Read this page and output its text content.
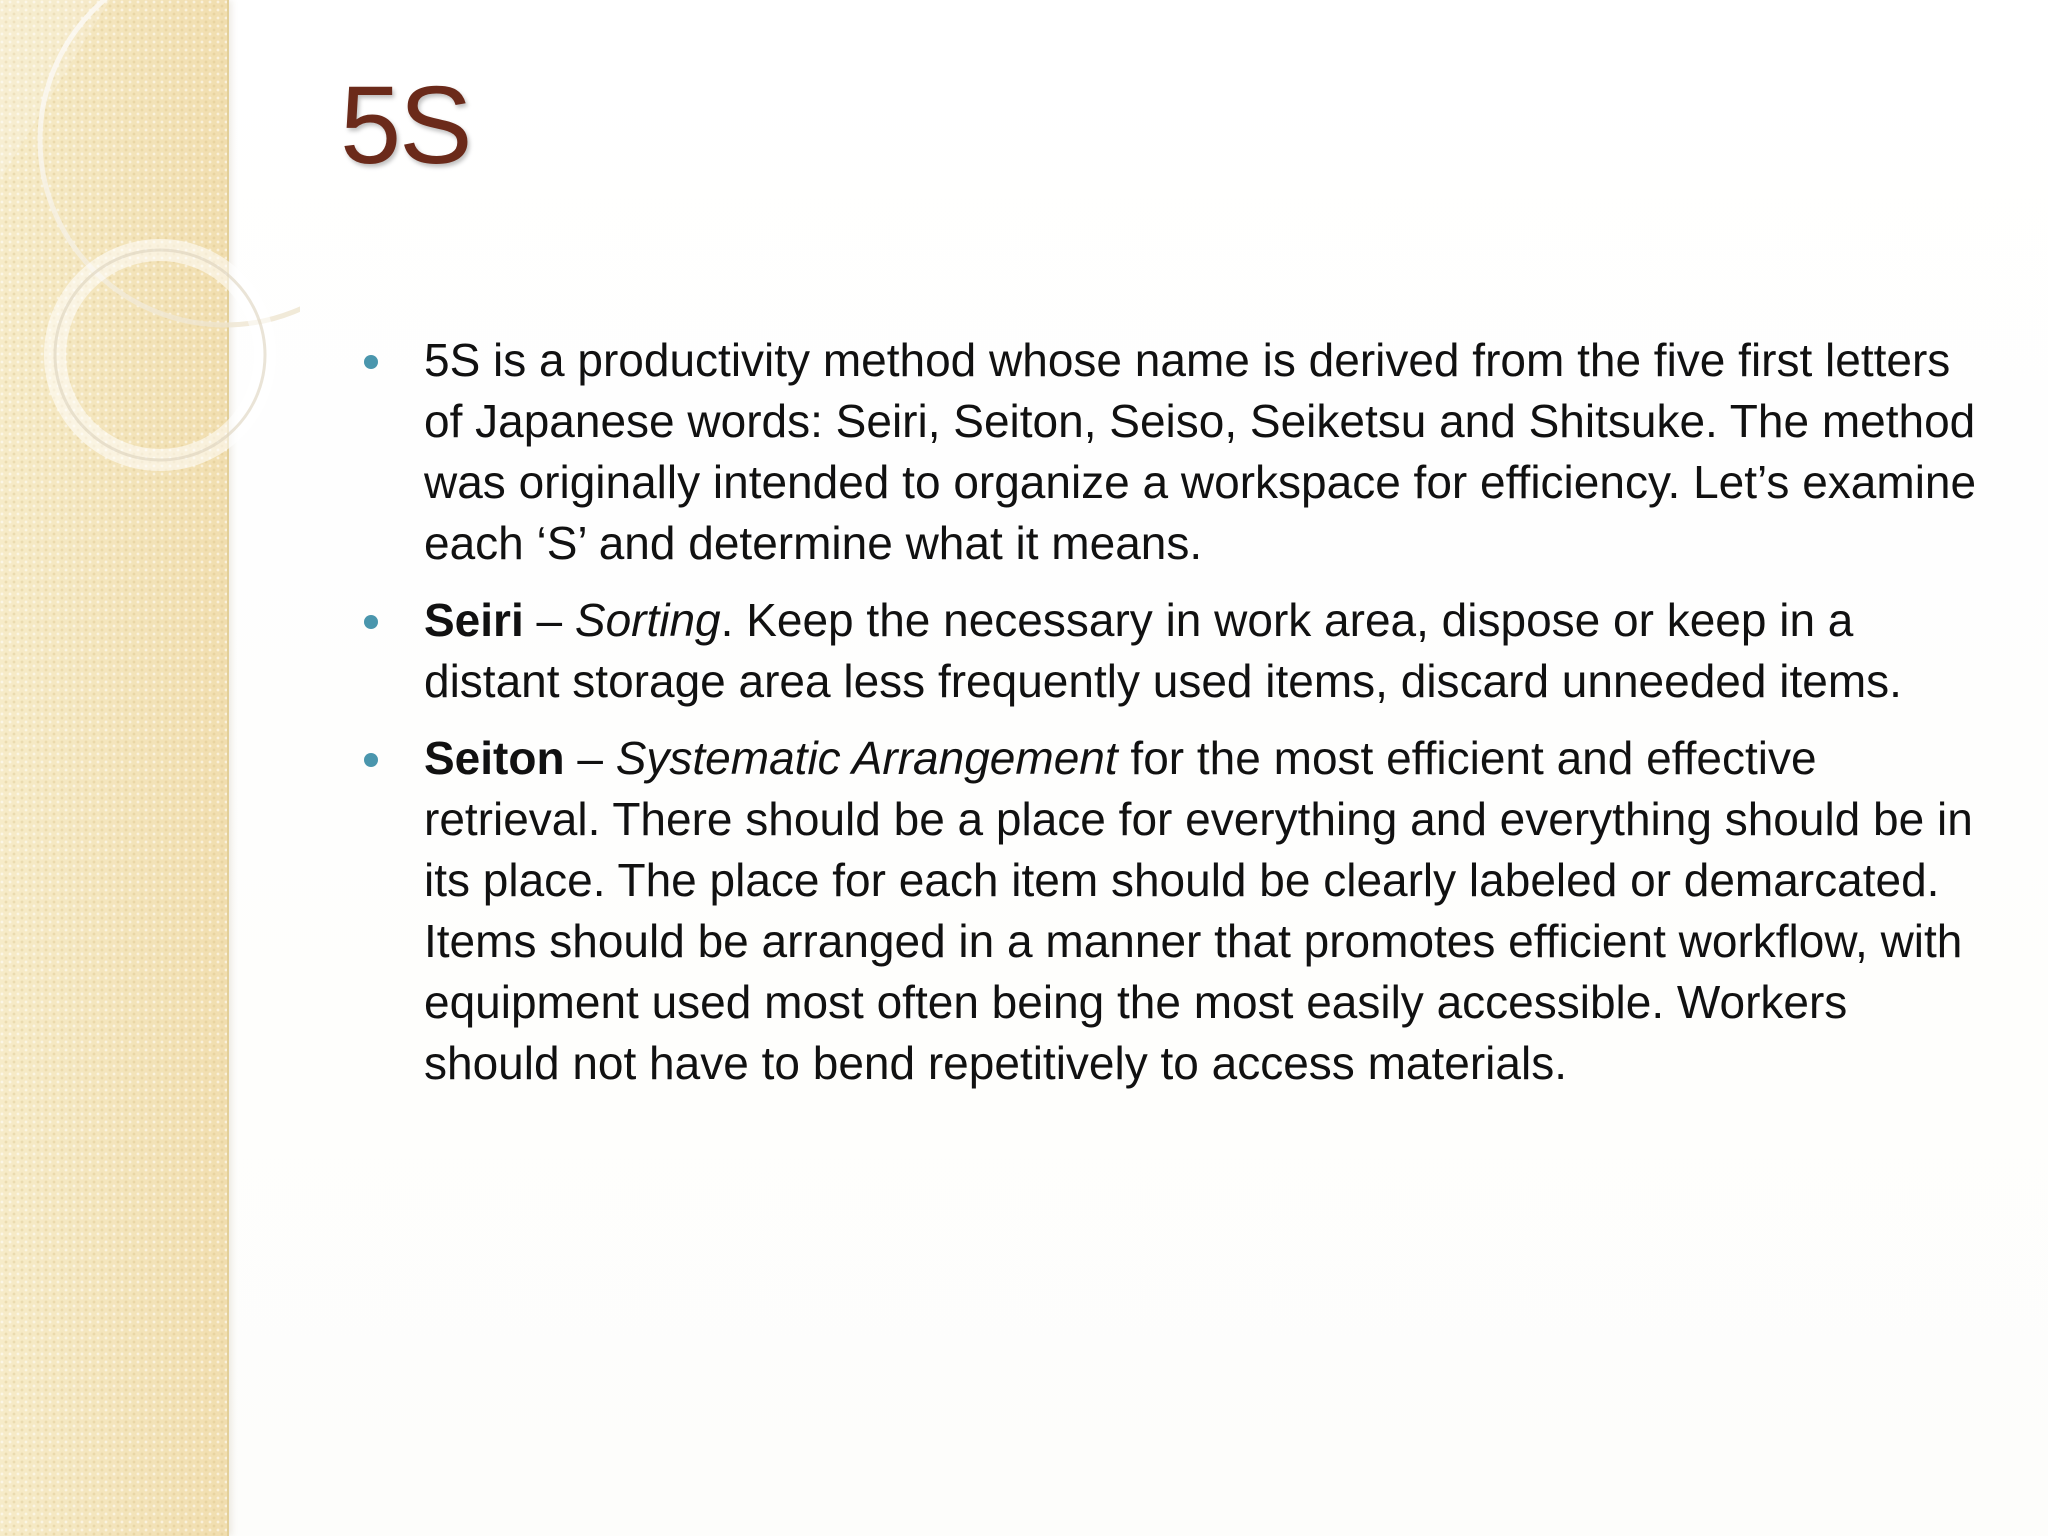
5S
5S is a productivity method whose name is derived from the five first letters of Japanese words: Seiri, Seiton, Seiso, Seiketsu and Shitsuke. The method was originally intended to organize a workspace for efficiency. Let’s examine each ‘S’ and determine what it means.
Seiri – Sorting. Keep the necessary in work area, dispose or keep in a distant storage area less frequently used items, discard unneeded items.
Seiton – Systematic Arrangement for the most efficient and effective retrieval. There should be a place for everything and everything should be in its place. The place for each item should be clearly labeled or demarcated. Items should be arranged in a manner that promotes efficient workflow, with equipment used most often being the most easily accessible. Workers should not have to bend repetitively to access materials.
